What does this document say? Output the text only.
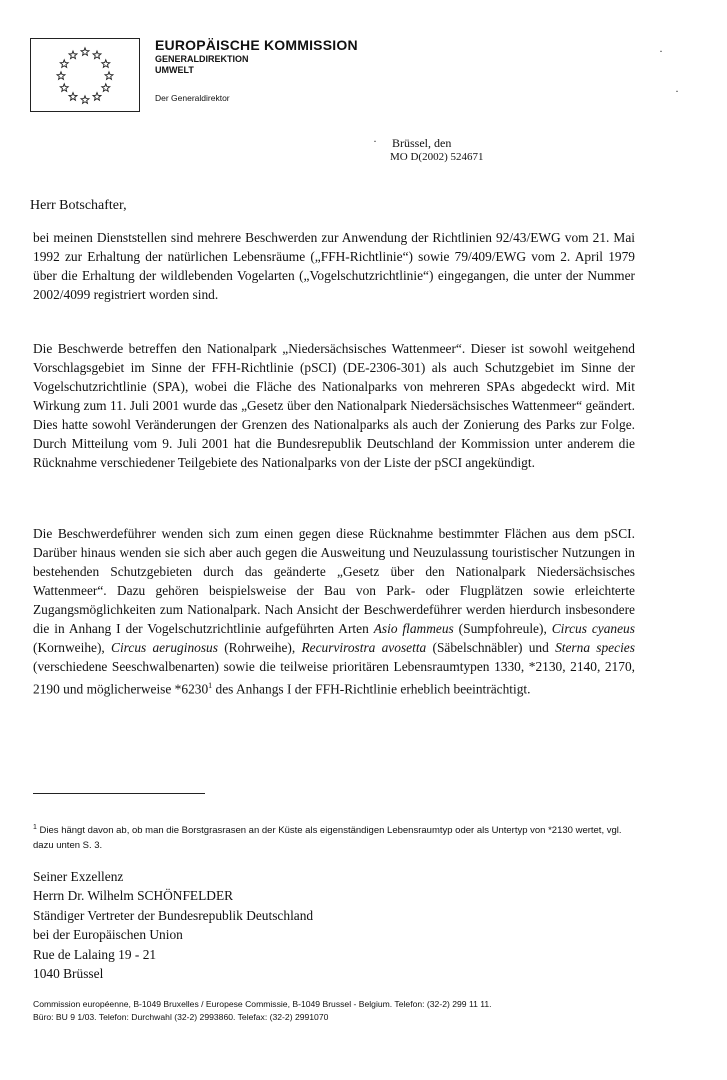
EUROPÄISCHE KOMMISSION
GENERALDIREKTION
UMWELT
Der Generaldirektor
·
·
· Brüssel, den
MO D(2002) 524671
Herr Botschafter,

bei meinen Dienststellen sind mehrere Beschwerden zur Anwendung der Richtlinien 92/43/EWG vom 21. Mai 1992 zur Erhaltung der natürlichen Lebensräume („FFH-Richtlinie“) sowie 79/409/EWG vom 2. April 1979 über die Erhaltung der wildlebenden Vogelarten („Vogelschutzrichtlinie“) eingegangen, die unter der Nummer 2002/4099 registriert worden sind.

Die Beschwerde betreffen den Nationalpark „Niedersächsisches Wattenmeer“. Dieser ist sowohl weitgehend Vorschlagsgebiet im Sinne der FFH-Richtlinie (pSCI) (DE-2306-301) als auch Schutzgebiet im Sinne der Vogelschutzrichtlinie (SPA), wobei die Fläche des Nationalparks von mehreren SPAs abgedeckt wird. Mit Wirkung zum 11. Juli 2001 wurde das „Gesetz über den Nationalpark Niedersächsisches Wattenmeer“ geändert. Dies hatte sowohl Veränderungen der Grenzen des Nationalparks als auch der Zonierung des Parks zur Folge. Durch Mitteilung vom 9. Juli 2001 hat die Bundesrepublik Deutschland der Kommission unter anderem die Rücknahme verschiedener Teilgebiete des Nationalparks von der Liste der pSCI angekündigt.

Die Beschwerdeführer wenden sich zum einen gegen diese Rücknahme bestimmter Flächen aus dem pSCI. Darüber hinaus wenden sie sich aber auch gegen die Ausweitung und Neuzulassung touristischer Nutzungen in bestehenden Schutzgebieten durch das geänderte „Gesetz über den Nationalpark Niedersächsisches Wattenmeer“. Dazu gehören beispielsweise der Bau von Park- oder Flugplätzen sowie erleichterte Zugangsmöglichkeiten zum Nationalpark. Nach Ansicht der Beschwerdeführer werden hierdurch insbesondere die in Anhang I der Vogelschutzrichtlinie aufgeführten Arten Asio flammeus (Sumpfohreule), Circus cyaneus (Kornweihe), Circus aeruginosus (Rohrweihe), Recurvirostra avosetta (Säbelschnäbler) und Sterna species (verschiedene Seeschwalbenarten) sowie die teilweise prioritären Lebensraumtypen 1330, *2130, 2140, 2170, 2190 und möglicherweise *6230$^1$ des Anhangs I der FFH-Richtlinie erheblich beeinträchtigt.

$^1$ Dies hängt davon ab, ob man die Borstgrasrasen an der Küste als eigenständigen Lebensraumtyp oder als Untertyp von *2130 wertet, vgl. dazu unten S. 3.

Seiner Exzellenz
Herrn Dr. Wilhelm SCHÖNFELDER
Ständiger Vertreter der Bundesrepublik Deutschland
bei der Europäischen Union
Rue de Lalaing 19 - 21
1040 Brüssel
Commission européenne, B-1049 Bruxelles / Europese Commissie, B-1049 Brussel - Belgium. Telefon: (32-2) 299 11 11.
Büro: BU 9 1/03. Telefon: Durchwahl (32-2) 2993860. Telefax: (32-2) 2991070
